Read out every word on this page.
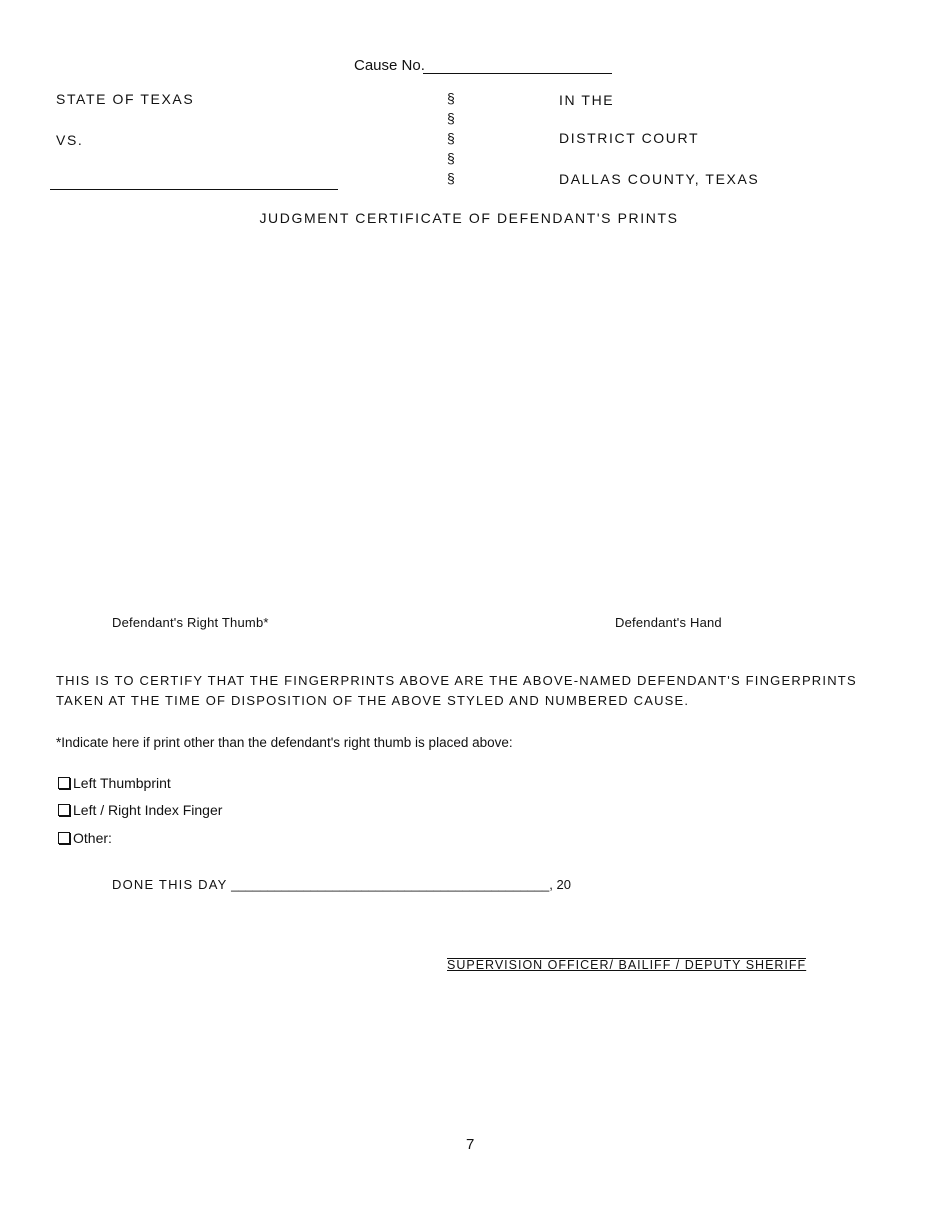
Cause No.
STATE OF TEXAS
VS.
§
§
§
§
§
IN THE
DISTRICT COURT
DALLAS COUNTY, TEXAS
JUDGMENT CERTIFICATE OF DEFENDANT'S PRINTS
Defendant's Right Thumb*	Defendant's Hand
THIS IS TO CERTIFY THAT THE FINGERPRINTS ABOVE ARE THE ABOVE-NAMED DEFENDANT'S FINGERPRINTS
TAKEN AT THE TIME OF DISPOSITION OF THE ABOVE STYLED AND NUMBERED CAUSE.
*Indicate here if print other than the defendant's right thumb is placed above:
Left Thumbprint
Left / Right Index Finger
Other:
DONE THIS DAY ____________________________________________, 20
SUPERVISION OFFICER/ BAILIFF / DEPUTY SHERIFF
7
